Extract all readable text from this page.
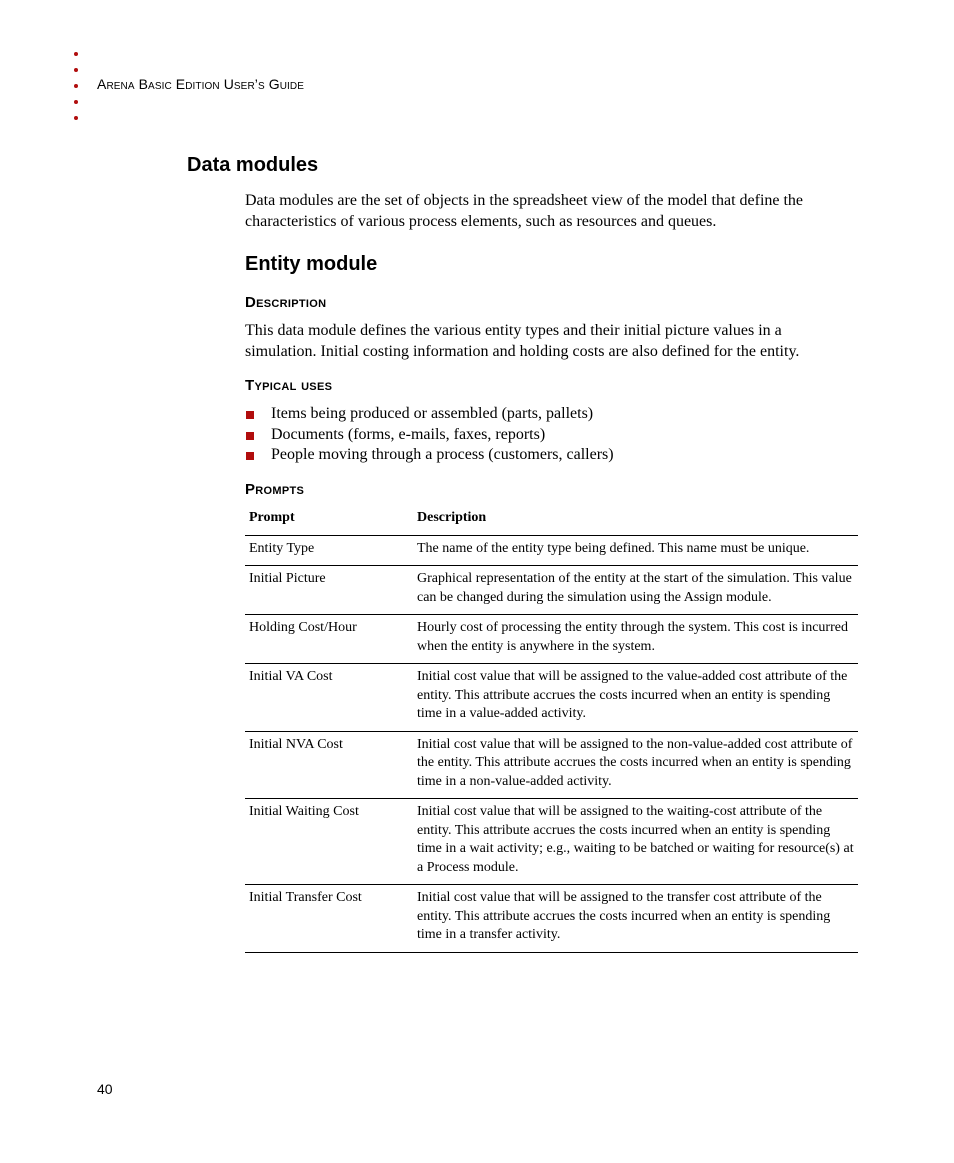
Arena Basic Edition User’s Guide
Data modules

Data modules are the set of objects in the spreadsheet view of the model that define the characteristics of various process elements, such as resources and queues.

Entity module
Description

This data module defines the various entity types and their initial picture values in a simulation. Initial costing information and holding costs are also defined for the entity.

Typical uses
Items being produced or assembled (parts, pallets)
Documents (forms, e-mails, faxes, reports)
People moving through a process (customers, callers)
Prompts
Prompt	Description
Entity Type	The name of the entity type being defined. This name must be unique.
Initial Picture	Graphical representation of the entity at the start of the simulation. This value can be changed during the simulation using the Assign module.
Holding Cost/Hour	Hourly cost of processing the entity through the system. This cost is incurred when the entity is anywhere in the system.
Initial VA Cost	Initial cost value that will be assigned to the value-added cost attribute of the entity. This attribute accrues the costs incurred when an entity is spending time in a value-added activity.
Initial NVA Cost	Initial cost value that will be assigned to the non-value-added cost attribute of the entity. This attribute accrues the costs incurred when an entity is spending time in a non-value-added activity.
Initial Waiting Cost	Initial cost value that will be assigned to the waiting-cost attribute of the entity. This attribute accrues the costs incurred when an entity is spending time in a wait activity; e.g., waiting to be batched or waiting for resource(s) at a Process module.
Initial Transfer Cost	Initial cost value that will be assigned to the transfer cost attribute of the entity. This attribute accrues the costs incurred when an entity is spending time in a transfer activity.
40
